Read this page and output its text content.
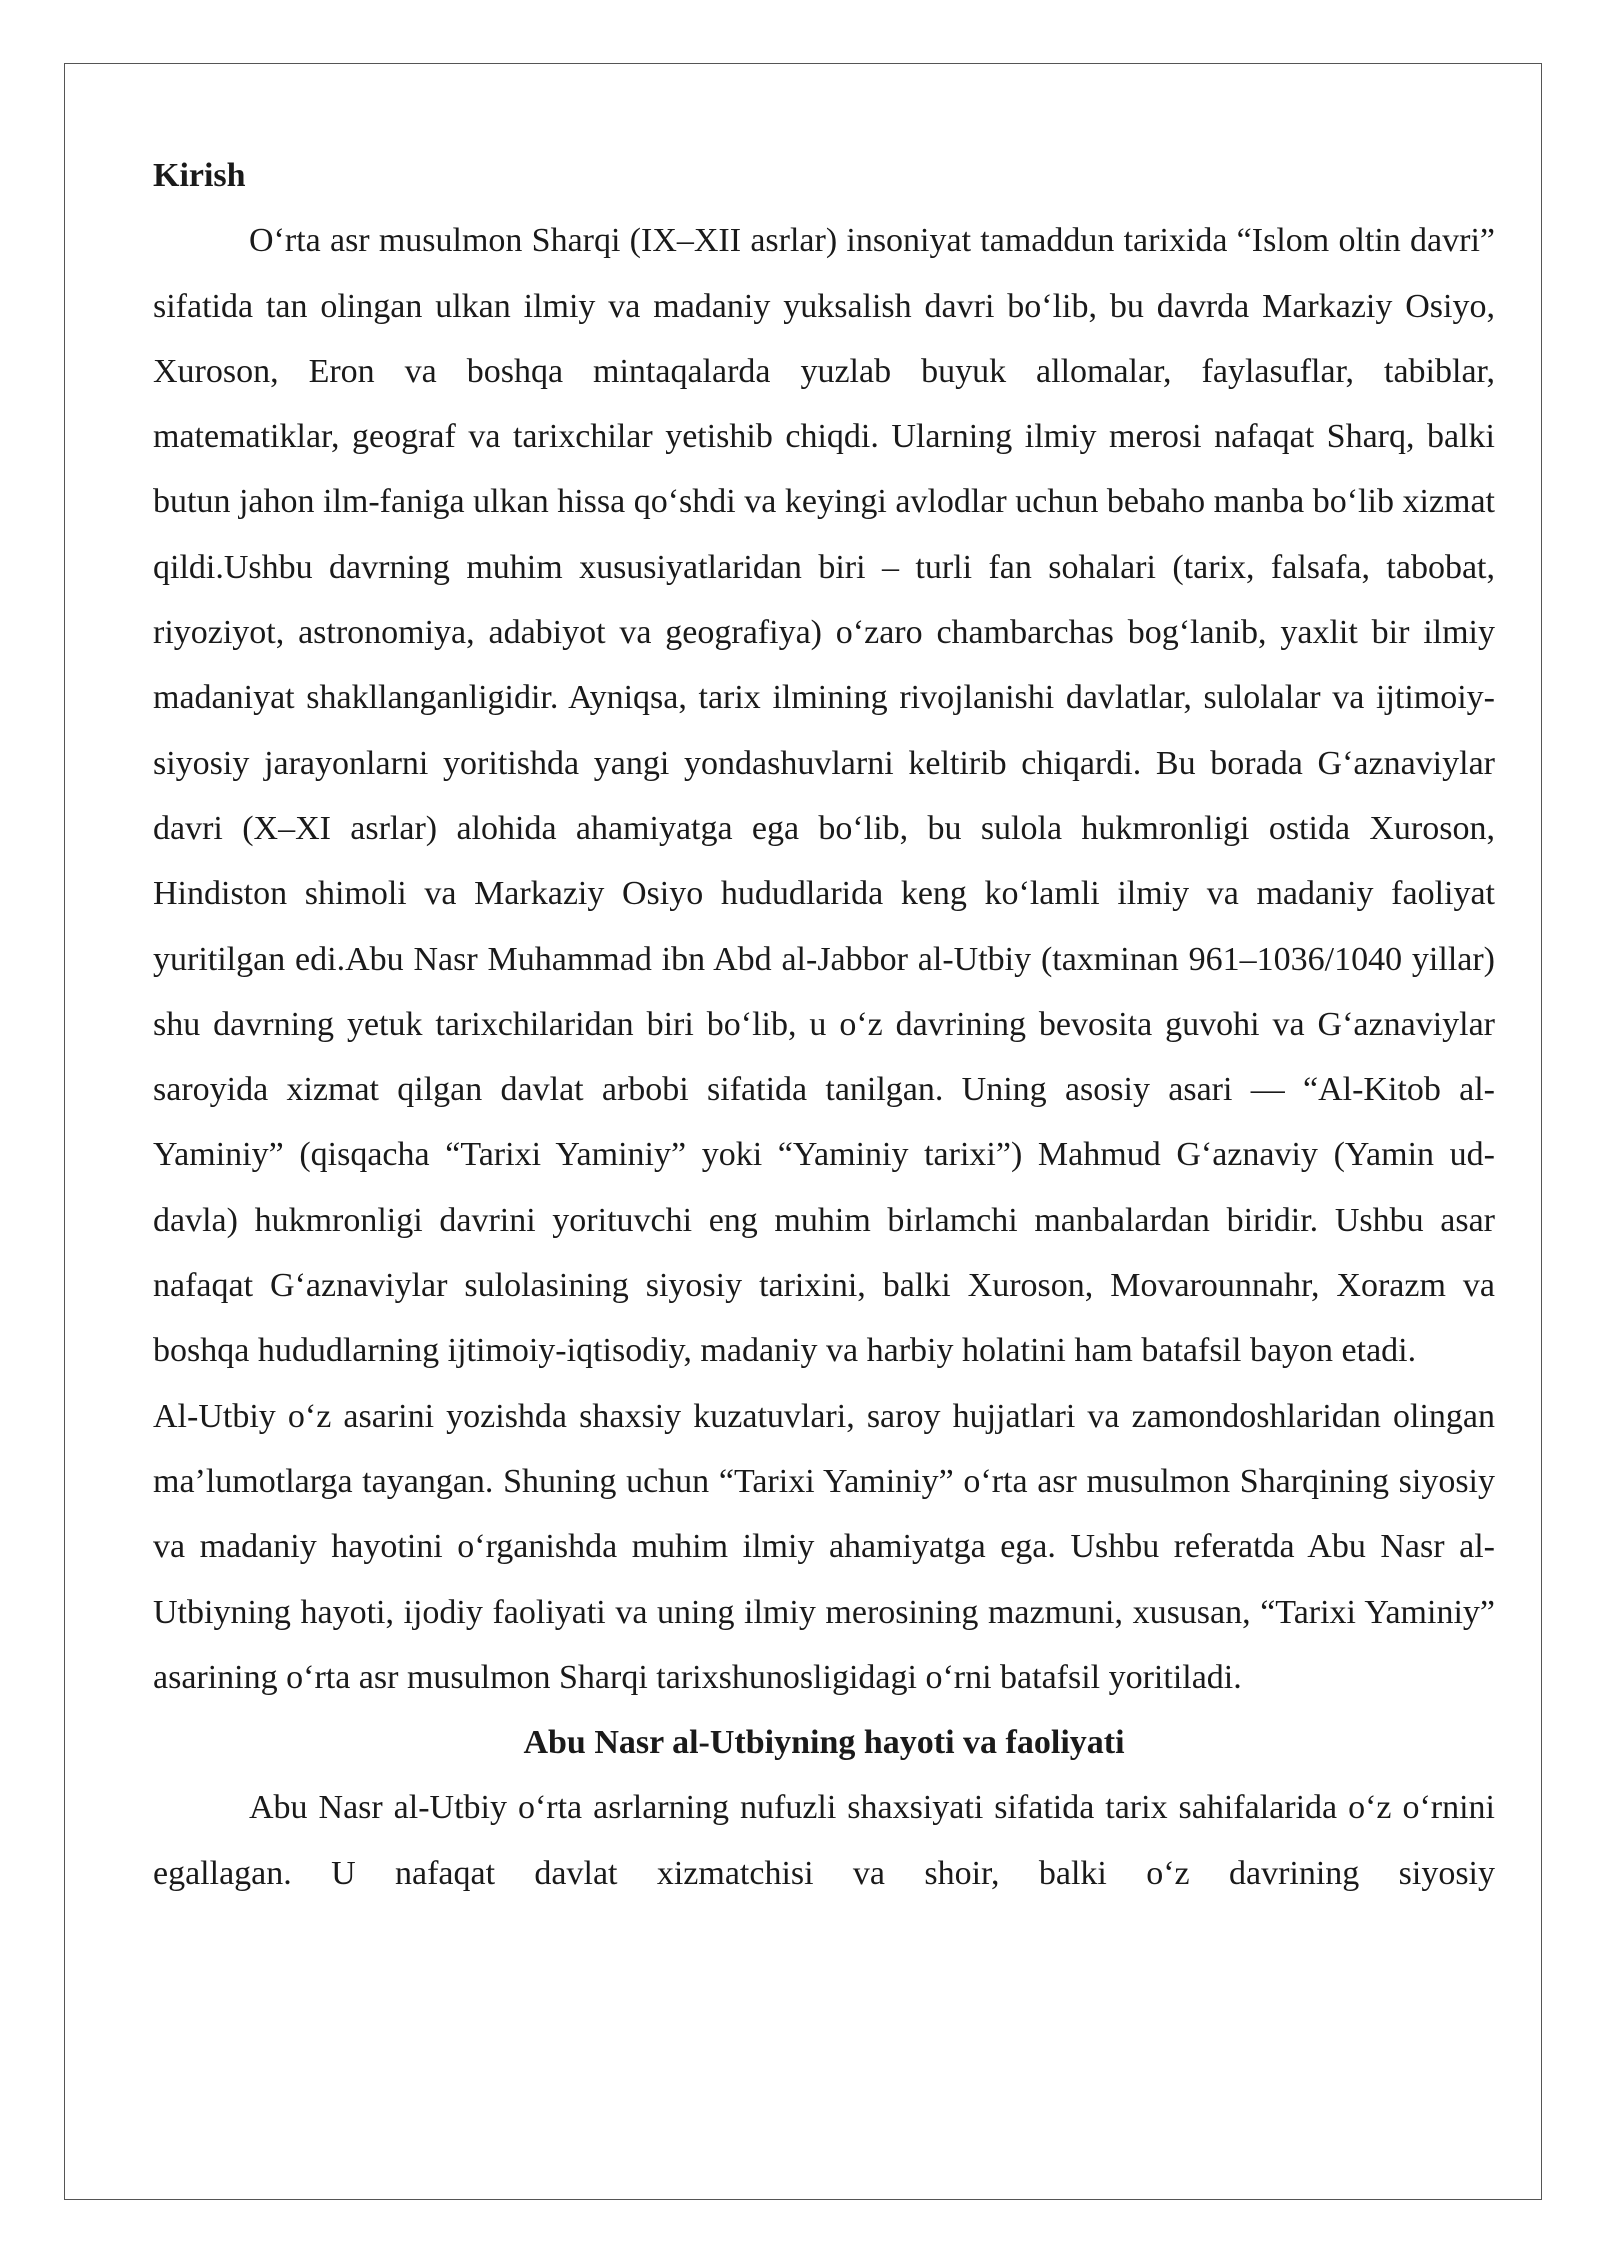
Kirish

O‘rta asr musulmon Sharqi (IX–XII asrlar) insoniyat tamaddun tarixida “Islom oltin davri” sifatida tan olingan ulkan ilmiy va madaniy yuksalish davri bo‘lib, bu davrda Markaziy Osiyo, Xuroson, Eron va boshqa mintaqalarda yuzlab buyuk allomalar, faylasuflar, tabiblar, matematiklar, geograf va tarixchilar yetishib chiqdi. Ularning ilmiy merosi nafaqat Sharq, balki butun jahon ilm-faniga ulkan hissa qo‘shdi va keyingi avlodlar uchun bebaho manba bo‘lib xizmat qildi.Ushbu davrning muhim xususiyatlaridan biri – turli fan sohalari (tarix, falsafa, tabobat, riyoziyot, astronomiya, adabiyot va geografiya) o‘zaro chambarchas bog‘lanib, yaxlit bir ilmiy madaniyat shakllanganligidir. Ayniqsa, tarix ilmining rivojlanishi davlatlar, sulolalar va ijtimoiy-siyosiy jarayonlarni yoritishda yangi yondashuvlarni keltirib chiqardi. Bu borada G‘aznaviylar davri (X–XI asrlar) alohida ahamiyatga ega bo‘lib, bu sulola hukmronligi ostida Xuroson, Hindiston shimoli va Markaziy Osiyo hududlarida keng ko‘lamli ilmiy va madaniy faoliyat yuritilgan edi.Abu Nasr Muhammad ibn Abd al-Jabbor al-Utbiy (taxminan 961–1036/1040 yillar) shu davrning yetuk tarixchilaridan biri bo‘lib, u o‘z davrining bevosita guvohi va G‘aznaviylar saroyida xizmat qilgan davlat arbobi sifatida tanilgan. Uning asosiy asari — “Al-Kitob al-Yaminiy” (qisqacha “Tarixi Yaminiy” yoki “Yaminiy tarixi”) Mahmud G‘aznaviy (Yamin ud-davla) hukmronligi davrini yorituvchi eng muhim birlamchi manbalardan biridir. Ushbu asar nafaqat G‘aznaviylar sulolasining siyosiy tarixini, balki Xuroson, Movarounnahr, Xorazm va boshqa hududlarning ijtimoiy-iqtisodiy, madaniy va harbiy holatini ham batafsil bayon etadi.

Al-Utbiy o‘z asarini yozishda shaxsiy kuzatuvlari, saroy hujjatlari va zamondoshlaridan olingan ma’lumotlarga tayangan. Shuning uchun “Tarixi Yaminiy” o‘rta asr musulmon Sharqining siyosiy va madaniy hayotini o‘rganishda muhim ilmiy ahamiyatga ega. Ushbu referatda Abu Nasr al-Utbiyning hayoti, ijodiy faoliyati va uning ilmiy merosining mazmuni, xususan, “Tarixi Yaminiy” asarining o‘rta asr musulmon Sharqi tarixshunosligidagi o‘rni batafsil yoritiladi.

Abu Nasr al-Utbiyning hayoti va faoliyati

Abu Nasr al-Utbiy o‘rta asrlarning nufuzli shaxsiyati sifatida tarix sahifalarida o‘z o‘rnini egallagan. U nafaqat davlat xizmatchisi va shoir, balki o‘z davrining siyosiy
